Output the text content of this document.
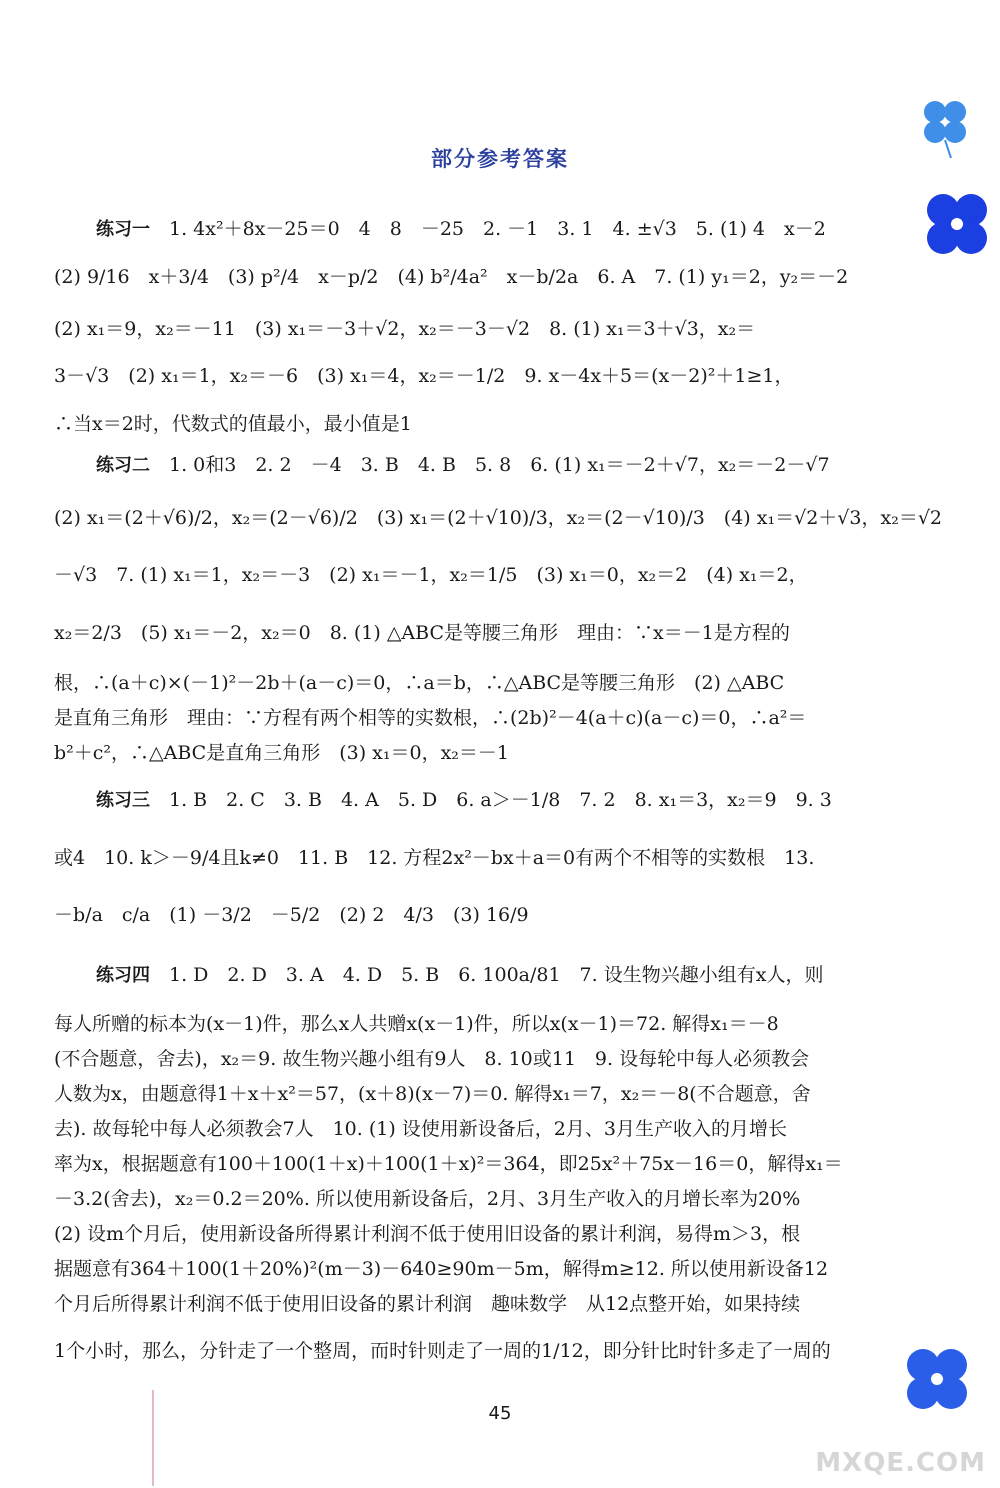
部分参考答案
练习一　1. 4x²＋8x－25＝0　4　8　－25　2. －1　3. 1　4. ±√3　5. (1) 4　x－2
(2) 9/16　x＋3/4　(3) p²/4　x－p/2　(4) b²/4a²　x－b/2a　6. A　7. (1) y₁＝2，y₂＝－2
(2) x₁＝9，x₂＝－11　(3) x₁＝－3＋√2，x₂＝－3－√2　8. (1) x₁＝3＋√3，x₂＝
3－√3　(2) x₁＝1，x₂＝－6　(3) x₁＝4，x₂＝－1/2　9. x－4x＋5＝(x－2)²＋1≥1，
∴当x＝2时，代数式的值最小，最小值是1
练习二　1. 0和3　2. 2　－4　3. B　4. B　5. 8　6. (1) x₁＝－2＋√7，x₂＝－2－√7
(2) x₁＝(2＋√6)/2，x₂＝(2－√6)/2　(3) x₁＝(2＋√10)/3，x₂＝(2－√10)/3　(4) x₁＝√2＋√3，x₂＝√2
－√3　7. (1) x₁＝1，x₂＝－3　(2) x₁＝－1，x₂＝1/5　(3) x₁＝0，x₂＝2　(4) x₁＝2，
x₂＝2/3　(5) x₁＝－2，x₂＝0　8. (1) △ABC是等腰三角形　理由：∵x＝－1是方程的
根，∴(a＋c)×(－1)²－2b＋(a－c)＝0，∴a＝b，∴△ABC是等腰三角形　(2) △ABC
是直角三角形　理由：∵方程有两个相等的实数根，∴(2b)²－4(a＋c)(a－c)＝0，∴a²＝
b²＋c²，∴△ABC是直角三角形　(3) x₁＝0，x₂＝－1
练习三　1. B　2. C　3. B　4. A　5. D　6. a＞－1/8　7. 2　8. x₁＝3，x₂＝9　9. 3
或4　10. k＞－9/4且k≠0　11. B　12. 方程2x²－bx＋a＝0有两个不相等的实数根　13.
－b/a　c/a　(1) －3/2　－5/2　(2) 2　4/3　(3) 16/9
练习四　1. D　2. D　3. A　4. D　5. B　6. 100a/81　7. 设生物兴趣小组有x人，则
每人所赠的标本为(x－1)件，那么x人共赠x(x－1)件，所以x(x－1)＝72. 解得x₁＝－8
(不合题意，舍去)，x₂＝9. 故生物兴趣小组有9人　8. 10或11　9. 设每轮中每人必须教会
人数为x，由题意得1＋x＋x²＝57，(x＋8)(x－7)＝0. 解得x₁＝7，x₂＝－8(不合题意，舍
去). 故每轮中每人必须教会7人　10. (1) 设使用新设备后，2月、3月生产收入的月增长
率为x，根据题意有100＋100(1＋x)＋100(1＋x)²＝364，即25x²＋75x－16＝0，解得x₁＝
－3.2(舍去)，x₂＝0.2＝20%. 所以使用新设备后，2月、3月生产收入的月增长率为20%
(2) 设m个月后，使用新设备所得累计利润不低于使用旧设备的累计利润，易得m＞3，根
据题意有364＋100(1＋20%)²(m－3)－640≥90m－5m，解得m≥12. 所以使用新设备12
个月后所得累计利润不低于使用旧设备的累计利润　趣味数学　从12点整开始，如果持续
1个小时，那么，分针走了一个整周，而时针则走了一周的1/12，即分针比时针多走了一周的
45
MXQE.COM
